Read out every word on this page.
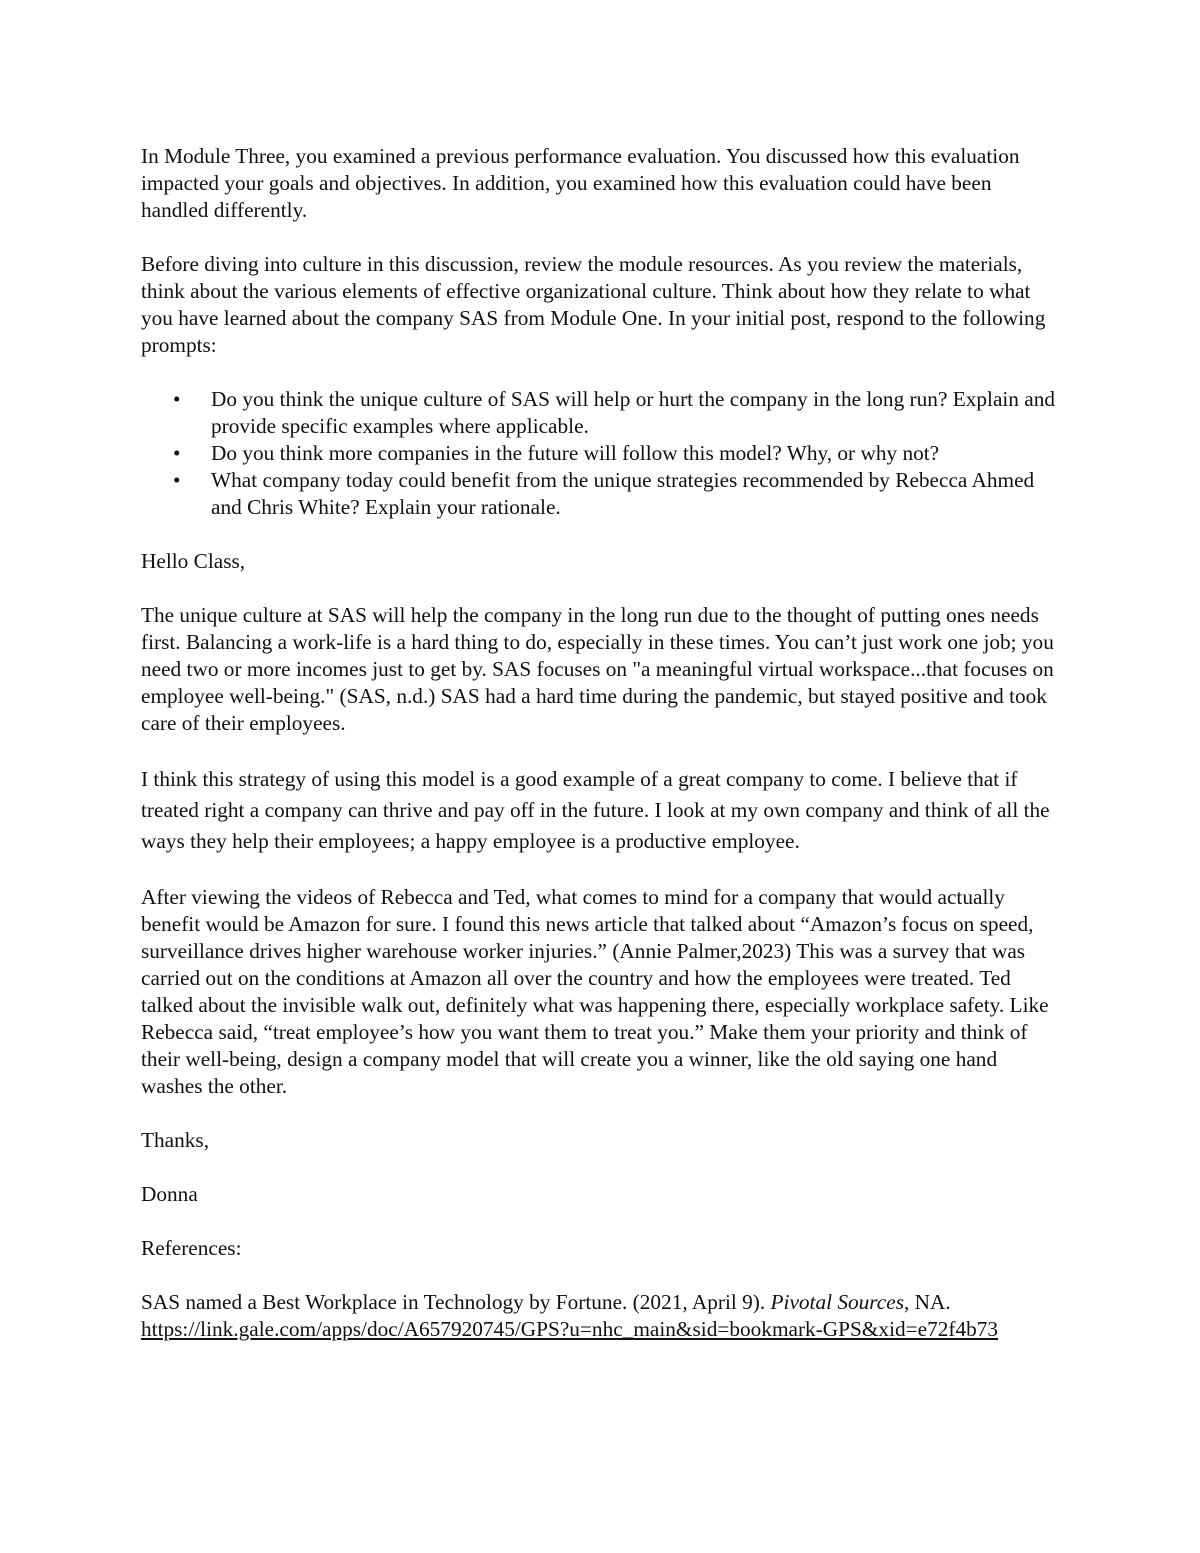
In Module Three, you examined a previous performance evaluation. You discussed how this evaluation impacted your goals and objectives. In addition, you examined how this evaluation could have been handled differently.

Before diving into culture in this discussion, review the module resources. As you review the materials, think about the various elements of effective organizational culture. Think about how they relate to what you have learned about the company SAS from Module One. In your initial post, respond to the following prompts:

• Do you think the unique culture of SAS will help or hurt the company in the long run? Explain and provide specific examples where applicable.
• Do you think more companies in the future will follow this model? Why, or why not?
• What company today could benefit from the unique strategies recommended by Rebecca Ahmed and Chris White? Explain your rationale.

Hello Class,

The unique culture at SAS will help the company in the long run due to the thought of putting ones needs first. Balancing a work-life is a hard thing to do, especially in these times. You can’t just work one job; you need two or more incomes just to get by. SAS focuses on "a meaningful virtual workspace...that focuses on employee well-being." (SAS, n.d.) SAS had a hard time during the pandemic, but stayed positive and took care of their employees.

I think this strategy of using this model is a good example of a great company to come. I believe that if treated right a company can thrive and pay off in the future. I look at my own company and think of all the ways they help their employees; a happy employee is a productive employee.

After viewing the videos of Rebecca and Ted, what comes to mind for a company that would actually benefit would be Amazon for sure. I found this news article that talked about “Amazon’s focus on speed, surveillance drives higher warehouse worker injuries.” (Annie Palmer,2023) This was a survey that was carried out on the conditions at Amazon all over the country and how the employees were treated. Ted talked about the invisible walk out, definitely what was happening there, especially workplace safety. Like Rebecca said, “treat employee’s how you want them to treat you.” Make them your priority and think of their well-being, design a company model that will create you a winner, like the old saying one hand washes the other.

Thanks,

Donna

References:

SAS named a Best Workplace in Technology by Fortune. (2021, April 9). Pivotal Sources, NA. https://link.gale.com/apps/doc/A657920745/GPS?u=nhc_main&sid=bookmark-GPS&xid=e72f4b73
